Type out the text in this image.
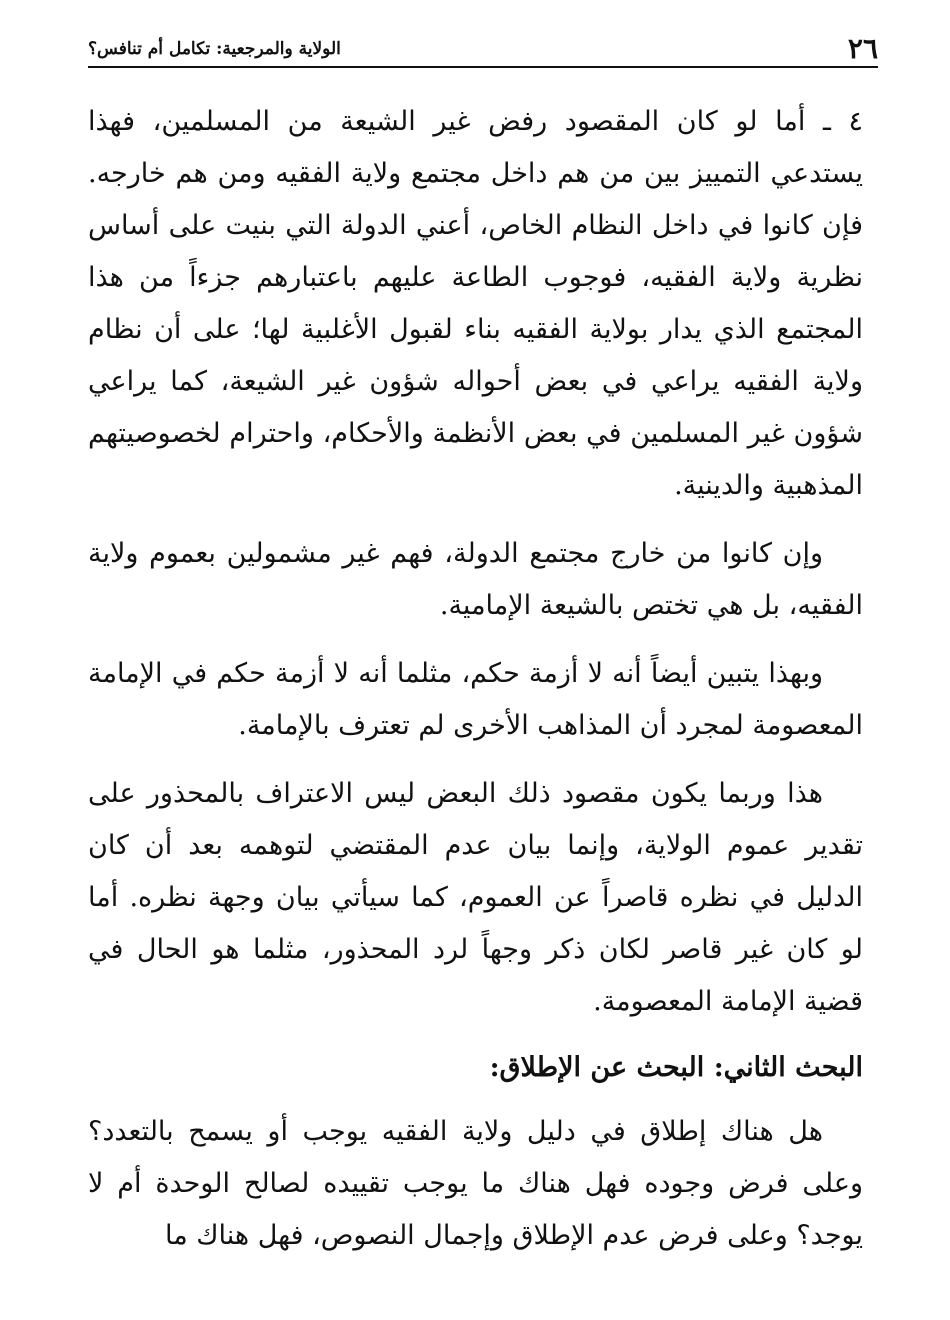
٢٦
الولاية والمرجعية: تكامل أم تنافس؟

٤ ـ أما لو كان المقصود رفض غير الشيعة من المسلمين، فهذا يستدعي التمييز بين من هم داخل مجتمع ولاية الفقيه ومن هم خارجه. فإن كانوا في داخل النظام الخاص، أعني الدولة التي بنيت على أساس نظرية ولاية الفقيه، فوجوب الطاعة عليهم باعتبارهم جزءاً من هذا المجتمع الذي يدار بولاية الفقيه بناء لقبول الأغلبية لها؛ على أن نظام ولاية الفقيه يراعي في بعض أحواله شؤون غير الشيعة، كما يراعي شؤون غير المسلمين في بعض الأنظمة والأحكام، واحترام لخصوصيتهم المذهبية والدينية.

وإن كانوا من خارج مجتمع الدولة، فهم غير مشمولين بعموم ولاية الفقيه، بل هي تختص بالشيعة الإمامية.

وبهذا يتبين أيضاً أنه لا أزمة حكم، مثلما أنه لا أزمة حكم في الإمامة المعصومة لمجرد أن المذاهب الأخرى لم تعترف بالإمامة.

هذا وربما يكون مقصود ذلك البعض ليس الاعتراف بالمحذور على تقدير عموم الولاية، وإنما بيان عدم المقتضي لتوهمه بعد أن كان الدليل في نظره قاصراً عن العموم، كما سيأتي بيان وجهة نظره. أما لو كان غير قاصر لكان ذكر وجهاً لرد المحذور، مثلما هو الحال في قضية الإمامة المعصومة.

البحث الثاني: البحث عن الإطلاق:

هل هناك إطلاق في دليل ولاية الفقيه يوجب أو يسمح بالتعدد؟ وعلى فرض وجوده فهل هناك ما يوجب تقييده لصالح الوحدة أم لا يوجد؟ وعلى فرض عدم الإطلاق وإجمال النصوص، فهل هناك ما
